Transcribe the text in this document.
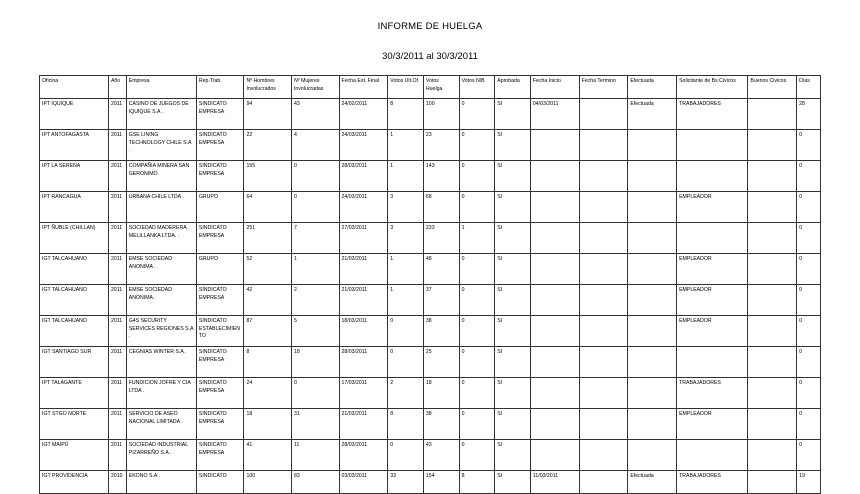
INFORME DE HUELGA
30/3/2011 al 30/3/2011
Oficina	Año	Empresa	Rep.Trab.	Nº Hombres Involucrados	Nº Mujeres Involucradas	Fecha Est. Final	Votos Ult.Of.	Votos Huelga	Votos N/B	Aprobada	Fecha Inicio	Fecha Termino	Efectuada	Solicitante de Bs.Civicos	Buenos Civicos	Días
IPT IQUIQUE	2011	CASINO DE JUEGOS DE IQUIQUE S.A .	SINDICATO EMPRESA	94	43	24/02/2011	8	100	0	SI	04/03/2011		Efectuada	TRABAJADORES		28
IPT ANTOFAGASTA	2011	GSE LINING TECHNOLOGY CHILE S.A .	SINDICATO EMPRESA	22	4	24/03/2011	1	23	0	SI						0
IPT LA SERENA	2011	COMPAÑIA MINERA SAN GERONIMO.	SINDICATO EMPRESA	155	0	28/03/2011	1	143	0	SI						0
IPT RANCAGUA	2011	URBANA CHILE LTDA .	GRUPO	64	0	24/03/2011	3	68	0	SI				EMPLEADOR		0
IPT ÑUBLE (CHILLAN)	2011	SOCIEDAD MADERERA MELILLANKA LTDA. .	SINDICATO EMPRESA	251	7	27/03/2011	3	233	1	SI						0
IGT TALCAHUANO	2011	EMSE SOCIEDAD ANONIMA .	GRUPO	52	1	21/03/2011	1	48	0	SI				EMPLEADOR		0
IGT TALCAHUANO	2011	EMSE SOCIEDAD ANONIMA .	SINDICATO EMPRESA	42	2	21/03/2011	1	37	0	SI				EMPLEADOR		0
IGT TALCAHUANO	2011	G4S SECURITY SERVICES REGIONES S.A .	SINDICATO ESTABLECIMIENTO	87	5	18/03/2011	0	38	0	SI				EMPLEADOR		0
IGT SANTIAGO SUR	2011	CEGNIAS WINTER S.A .	SINDICATO EMPRESA	8	18	28/03/2011	0	25	0	SI						0
IPT TALAGANTE	2011	FUNDICION JOFRE Y CIA LTDA .	SINDICATO EMPRESA	24	0	17/03/2011	2	18	0	SI				TRABAJADORES		0
IGT STGO NORTE	2011	SERVICIO DE ASEO NACIONAL LIMITADA .	SINDICATO EMPRESA	18	31	21/03/2011	8	38	0	SI				EMPLEADOR		0
IGT MAIPÚ	2011	SOCIEDAD INDUSTRIAL PIZARREÑO S.A .	SINDICATO EMPRESA	41	11	28/03/2011	0	43	0	SI						0
IGT PROVIDENCIA	2010	EKONO S.A .	SINDICATO	100	83	03/03/2011	33	154	8	SI	11/03/2011		Efectuada	TRABAJADORES		19
